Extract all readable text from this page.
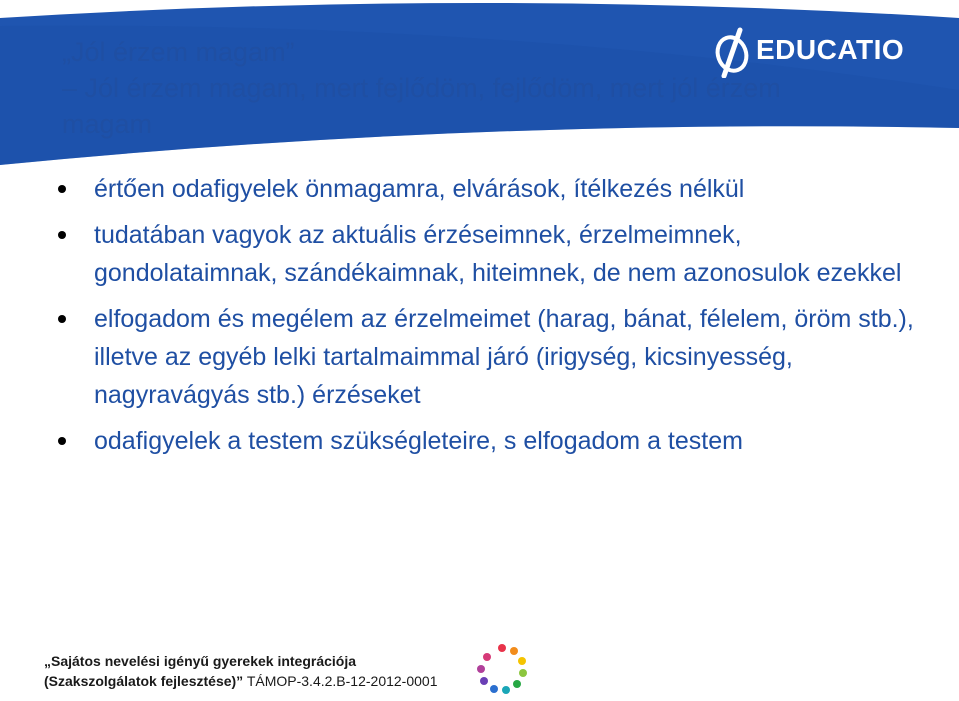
EDUCATIO
„Jól érzem magam”
– Jól érzem magam, mert fejlődöm, fejlődöm, mert jól érzem
magam
értően odafigyelek önmagamra, elvárások, ítélkezés nélkül
tudatában vagyok az aktuális érzéseimnek, érzelmeimnek, gondolataimnak, szándékaimnak, hiteimnek, de nem azonosulok ezekkel
elfogadom és megélem az érzelmeimet (harag, bánat, félelem, öröm stb.), illetve az egyéb lelki tartalmaimmal járó (irigység, kicsinyesség, nagyravágyás stb.) érzéseket
odafigyelek a testem szükségleteire, s elfogadom a testem
„Sajátos nevelési igényű gyerekek integrációja
(Szakszolgálatok fejlesztése)” TÁMOP-3.4.2.B-12-2012-0001
